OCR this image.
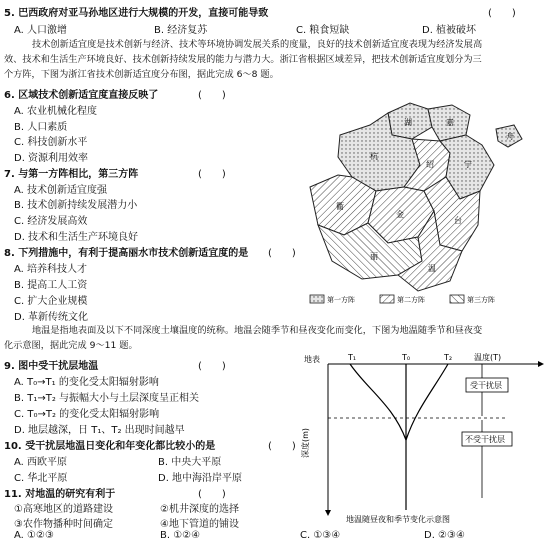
5. 巴西政府对亚马孙地区进行大规模的开发，直接可能导致	(　　)
A. 人口激增	B. 经济复苏	C. 粮食短缺	D. 植被破坏
技术创新适宜度是技术创新与经济、技术等环境协调发展关系的度量，良好的技术创新适宜度表现为经济发展高
效、技术和生活生产环境良好、技术创新持续发展的能力与潜力大。浙江省根据区域差异，把技术创新适宜度划分为三
个方阵，下图为浙江省技术创新适宜度分布图，据此完成 6～8 题。
6. 区域技术创新适宜度直接反映了	(　　)
A. 农业机械化程度
B. 人口素质
C. 科技创新水平
D. 资源利用效率
7. 与第一方阵相比，第三方阵	(　　)
A. 技术创新适宜度强
B. 技术创新持续发展潜力小
C. 经济发展高效
D. 技术和生活生产环境良好
8. 下列措施中，有利于提高丽水市技术创新适宜度的是 (　　)
A. 培养科技人才
B. 提高工人工资
C. 扩大企业规模
D. 革新传统文化
湖	嘉
杭
绍	宁
舟
衢
金
台
丽
温
第一方阵	第二方阵	第三方阵
地温是指地表面及以下不同深度土壤温度的统称。地温会随季节和昼夜变化而变化，下图为地温随季节和昼夜变
化示意图，据此完成 9～11 题。
9. 图中受干扰层地温	(　　)
A. T₀→T₁ 的变化受太阳辐射影响
B. T₁→T₂ 与振幅大小与土层深度呈正相关
C. T₀→T₂ 的变化受太阳辐射影响
D. 地层越深，日 T₁、T₂ 出现时间越早
10. 受干扰层地温日变化和年变化都比较小的是	(　　)
A. 西欧平原	B. 中央大平原
C. 华北平原	D. 地中海沿岸平原
11. 对地温的研究有利于	(　　)
①高寒地区的道路建设	②机井深度的选择
③农作物播种时间确定	④地下管道的铺设
A. ①②③	B. ①②④	C. ①③④	D. ②③④
地表	温度(T)
深度(m)
T₁	T₀	T₂
受干扰层
不受干扰层
地温随昼夜和季节变化示意图
